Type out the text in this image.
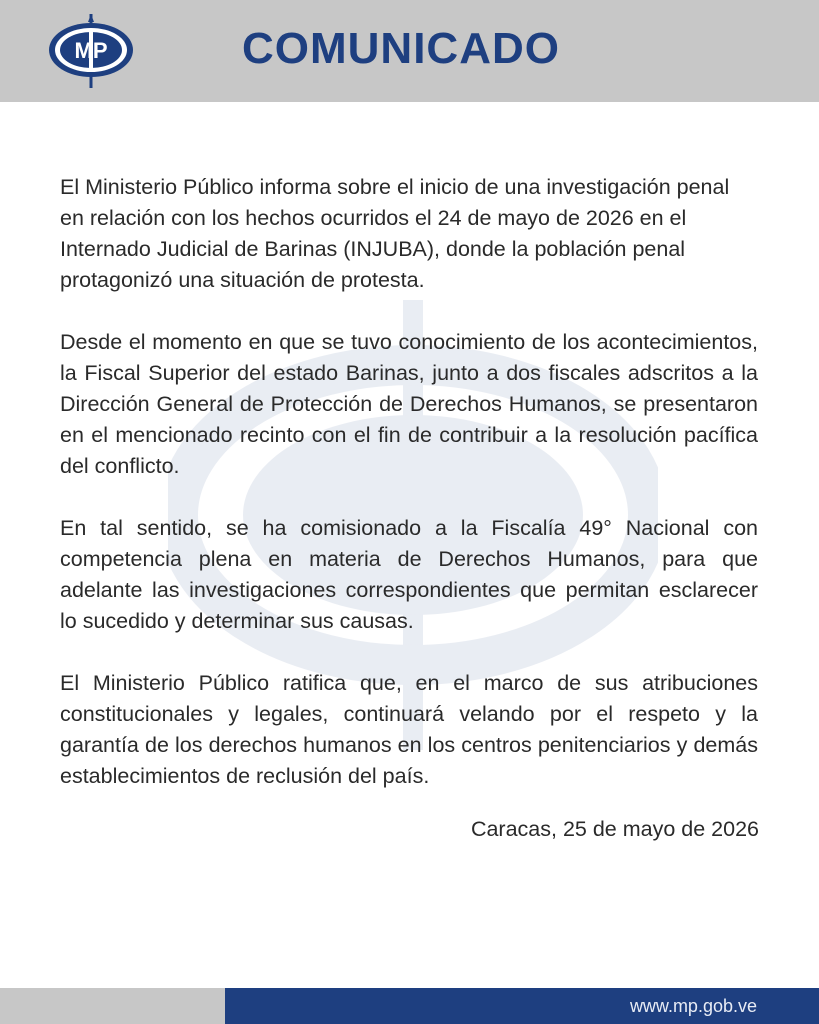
MP	COMUNICADO

El Ministerio Público informa sobre el inicio de una investigación penal en relación con los hechos ocurridos el 24 de mayo de 2026 en el Internado Judicial de Barinas (INJUBA), donde la población penal protagonizó una situación de protesta.

Desde el momento en que se tuvo conocimiento de los acontecimientos, la Fiscal Superior del estado Barinas, junto a dos fiscales adscritos a la Dirección General de Protección de Derechos Humanos, se presentaron en el mencionado recinto con el fin de contribuir a la resolución pacífica del conflicto.

En tal sentido, se ha comisionado a la Fiscalía 49° Nacional con competencia plena en materia de Derechos Humanos, para que adelante las investigaciones correspondientes que permitan esclarecer lo sucedido y determinar sus causas.

El Ministerio Público ratifica que, en el marco de sus atribuciones constitucionales y legales, continuará velando por el respeto y la garantía de los derechos humanos en los centros penitenciarios y demás establecimientos de reclusión del país.

Caracas, 25 de mayo de 2026
www.mp.gob.ve
